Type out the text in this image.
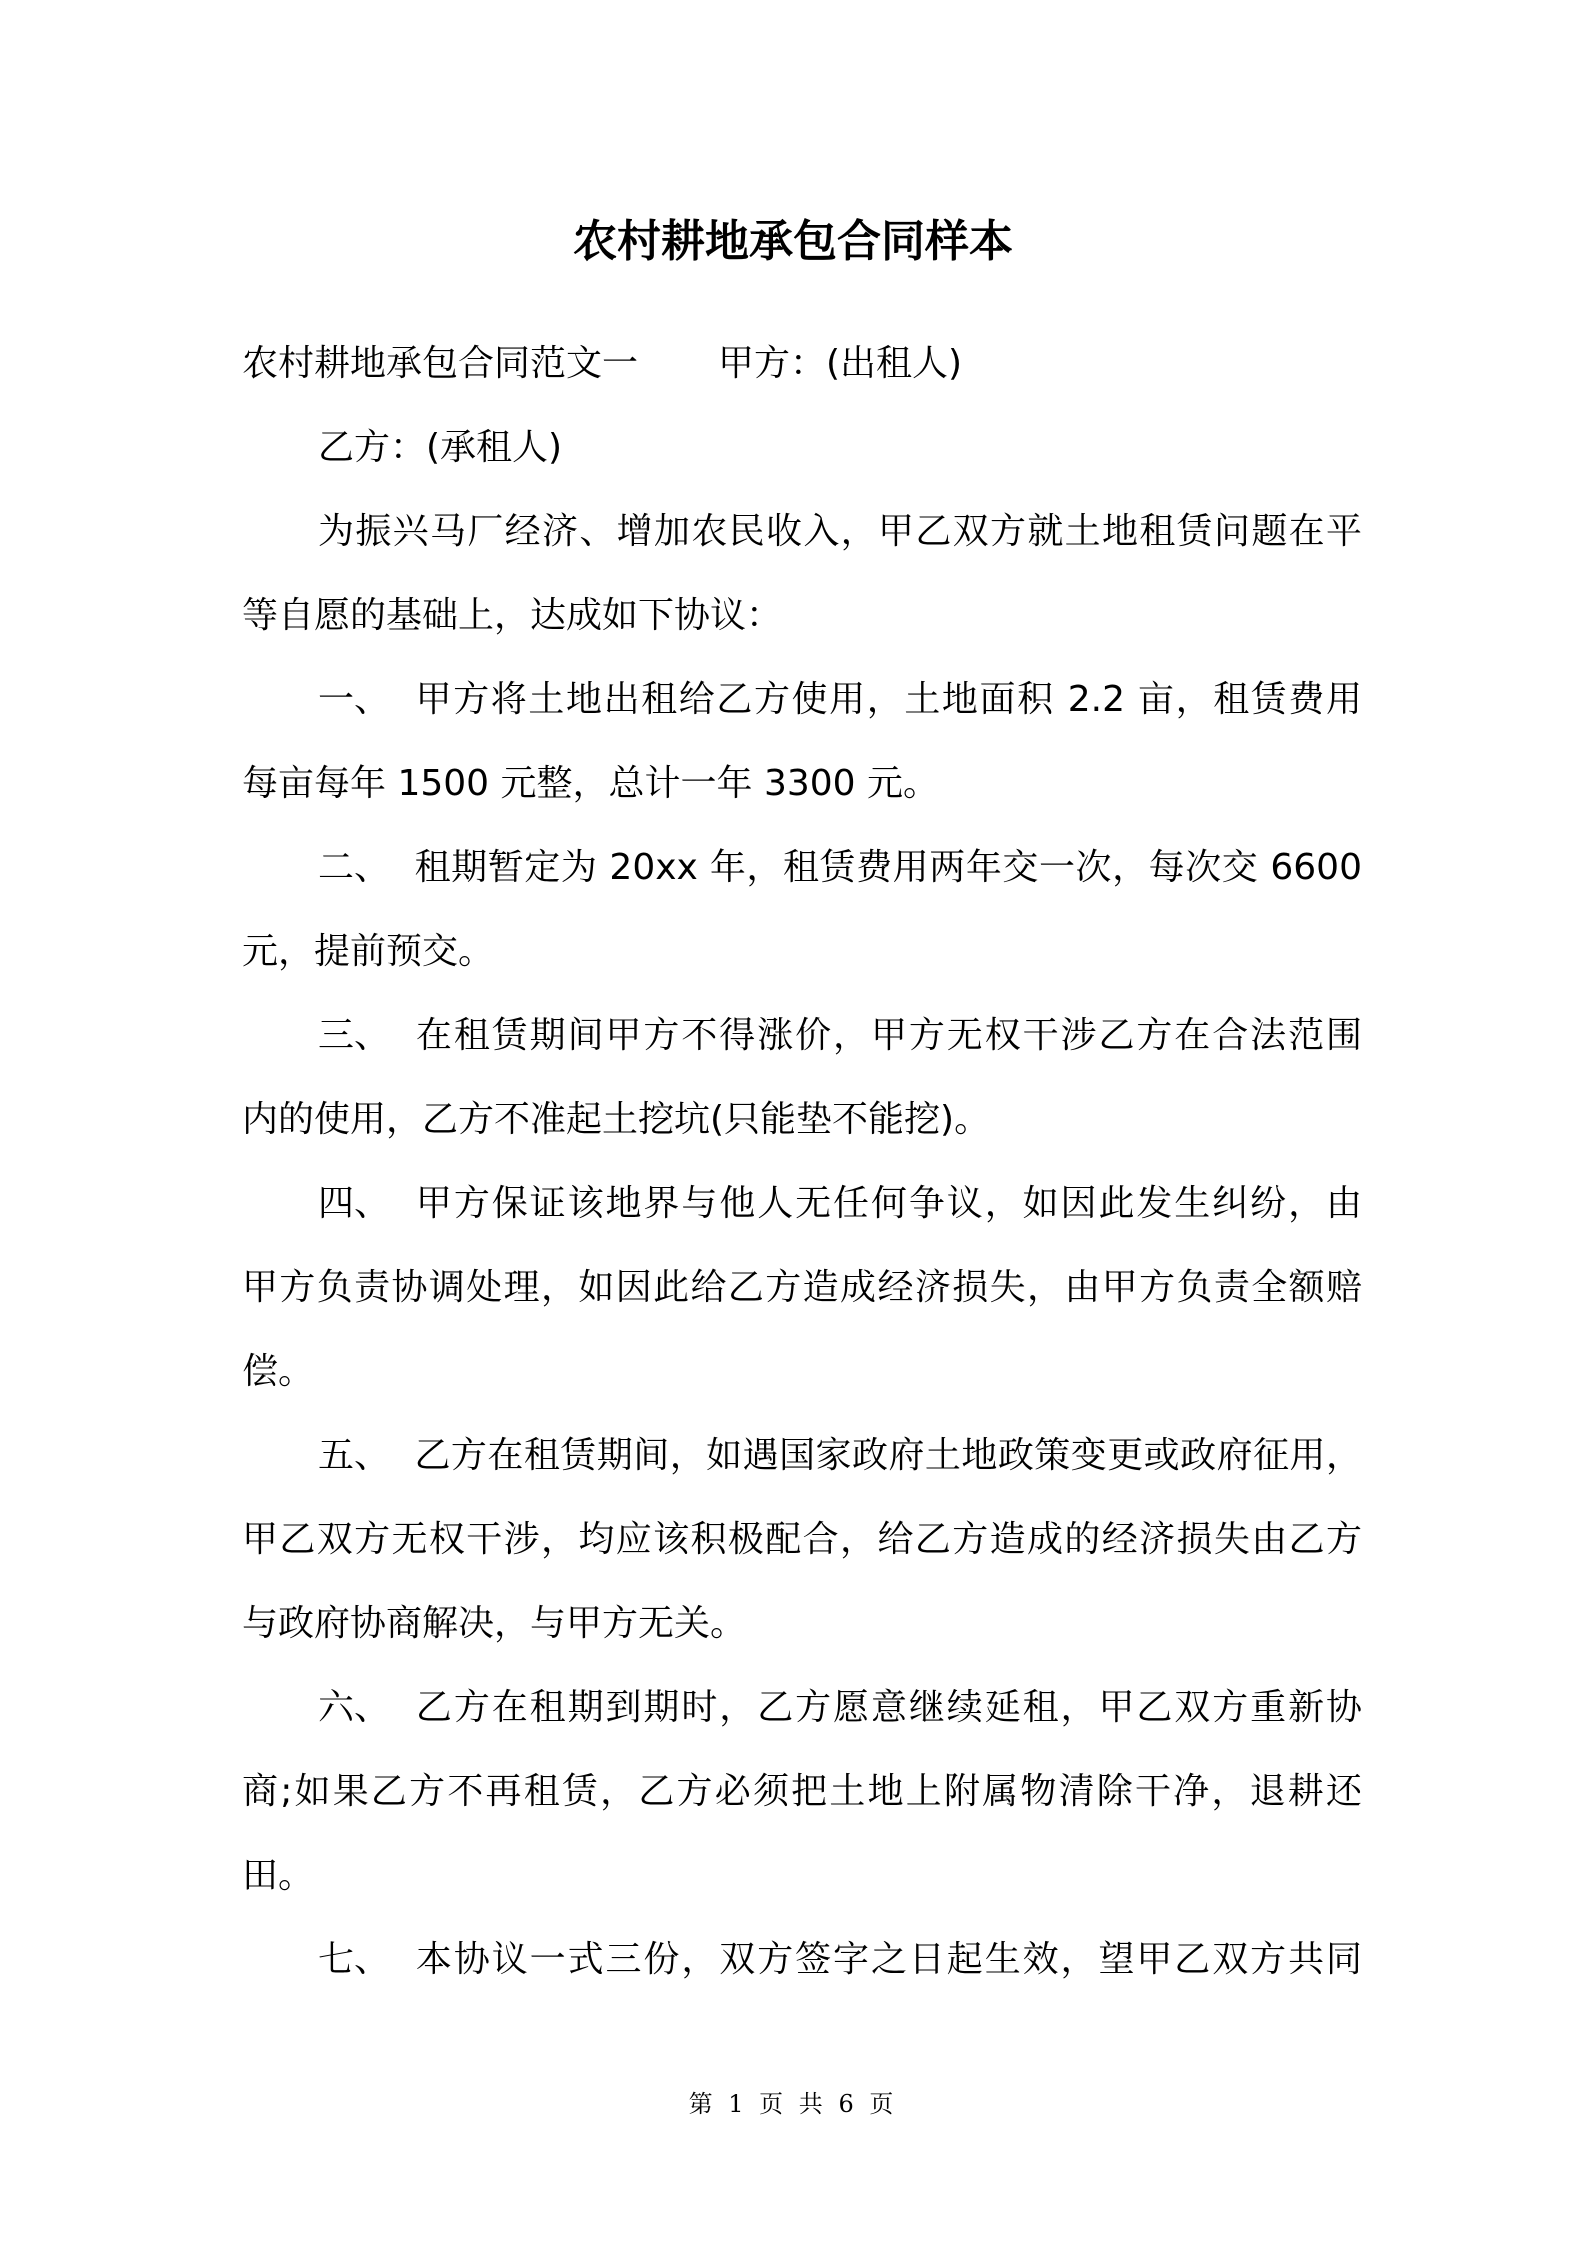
农村耕地承包合同样本
农村耕地承包合同范文一 甲方：(出租人)
乙方：(承租人)
为振兴马厂经济、增加农民收入，甲乙双方就土地租赁问题在平
等自愿的基础上，达成如下协议：
一、 甲方将土地出租给乙方使用，土地面积 2.2 亩，租赁费用
每亩每年 1500 元整，总计一年 3300 元。
二、 租期暂定为 20xx 年，租赁费用两年交一次，每次交 6600
元，提前预交。
三、 在租赁期间甲方不得涨价，甲方无权干涉乙方在合法范围
内的使用，乙方不准起土挖坑(只能垫不能挖)。
四、 甲方保证该地界与他人无任何争议，如因此发生纠纷，由
甲方负责协调处理，如因此给乙方造成经济损失，由甲方负责全额赔
偿。
五、 乙方在租赁期间，如遇国家政府土地政策变更或政府征用，
甲乙双方无权干涉，均应该积极配合，给乙方造成的经济损失由乙方
与政府协商解决，与甲方无关。
六、 乙方在租期到期时，乙方愿意继续延租，甲乙双方重新协
商;如果乙方不再租赁，乙方必须把土地上附属物清除干净，退耕还
田。
七、 本协议一式三份，双方签字之日起生效，望甲乙双方共同
第 1 页 共 6 页
